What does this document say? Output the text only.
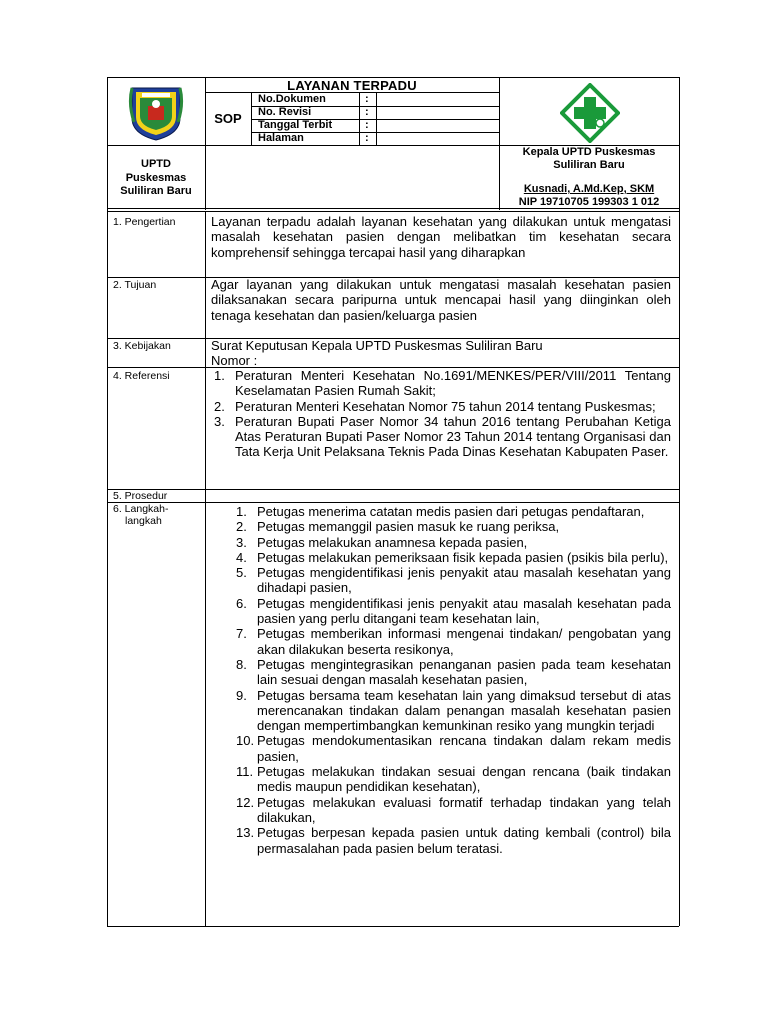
LAYANAN TERPADU
SOP
No.Dokumen	:
No. Revisi	:
Tanggal Terbit	:
Halaman	:
UPTD
Puskesmas
Suliliran Baru
Kepala UPTD Puskesmas
Suliliran Baru
Kusnadi, A.Md.Kep, SKM
NIP 19710705 199303 1 012
1. Pengertian	Layanan terpadu adalah layanan kesehatan yang dilakukan untuk mengatasi masalah kesehatan pasien dengan melibatkan tim kesehatan secara komprehensif sehingga tercapai hasil yang diharapkan
2. Tujuan	Agar layanan yang dilakukan untuk mengatasi masalah kesehatan pasien dilaksanakan secara paripurna untuk mencapai hasil yang diinginkan oleh tenaga kesehatan dan pasien/keluarga pasien
3. Kebijakan	Surat Keputusan Kepala UPTD Puskesmas Suliliran Baru
Nomor :
4. Referensi	1. Peraturan Menteri Kesehatan No.1691/MENKES/PER/VIII/2011 Tentang Keselamatan Pasien Rumah Sakit;
2. Peraturan Menteri Kesehatan Nomor 75 tahun 2014 tentang Puskesmas;
3. Peraturan Bupati Paser Nomor 34 tahun 2016 tentang Perubahan Ketiga Atas Peraturan Bupati Paser Nomor 23 Tahun 2014 tentang Organisasi dan Tata Kerja Unit Pelaksana Teknis Pada Dinas Kesehatan Kabupaten Paser.
5. Prosedur
6. Langkah-
langkah
1. Petugas menerima catatan medis pasien dari petugas pendaftaran,
2. Petugas memanggil pasien masuk ke ruang periksa,
3. Petugas melakukan anamnesa kepada pasien,
4. Petugas melakukan pemeriksaan fisik kepada pasien (psikis bila perlu),
5. Petugas mengidentifikasi jenis penyakit atau masalah kesehatan yang dihadapi pasien,
6. Petugas mengidentifikasi jenis penyakit atau masalah kesehatan pada pasien yang perlu ditangani team kesehatan lain,
7. Petugas memberikan informasi mengenai tindakan/ pengobatan yang akan dilakukan beserta resikonya,
8. Petugas mengintegrasikan penanganan pasien pada team kesehatan lain sesuai dengan masalah kesehatan pasien,
9. Petugas bersama team kesehatan lain yang dimaksud tersebut di atas merencanakan tindakan dalam penangan masalah kesehatan pasien dengan mempertimbangkan kemunkinan resiko yang mungkin terjadi
10. Petugas mendokumentasikan rencana tindakan dalam rekam medis pasien,
11. Petugas melakukan tindakan sesuai dengan rencana (baik tindakan medis maupun pendidikan kesehatan),
12. Petugas melakukan evaluasi formatif terhadap tindakan yang telah dilakukan,
13. Petugas berpesan kepada pasien untuk dating kembali (control) bila permasalahan pada pasien belum teratasi.
